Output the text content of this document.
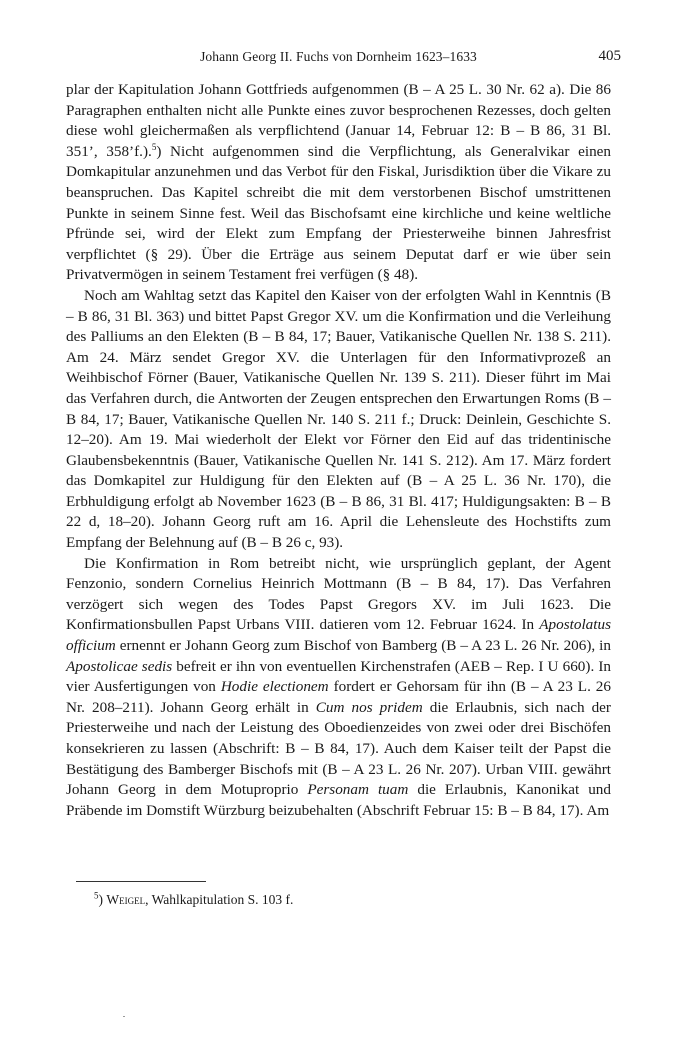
Johann Georg II. Fuchs von Dornheim 1623–1633	405

plar der Kapitulation Johann Gottfrieds aufgenommen (B – A 25 L. 30 Nr. 62 a). Die 86 Paragraphen enthalten nicht alle Punkte eines zuvor besprochenen Rezesses, doch gelten diese wohl gleichermaßen als verpflichtend (Januar 14, Februar 12: B – B 86, 31 Bl. 351’, 358’f.).$^5$) Nicht aufgenommen sind die Verpflichtung, als Generalvikar einen Domkapitular anzunehmen und das Verbot für den Fiskal, Jurisdiktion über die Vikare zu beanspruchen. Das Kapitel schreibt die mit dem verstorbenen Bischof umstrittenen Punkte in seinem Sinne fest. Weil das Bischofsamt eine kirchliche und keine weltliche Pfründe sei, wird der Elekt zum Empfang der Priesterweihe binnen Jahresfrist verpflichtet (§ 29). Über die Erträge aus seinem Deputat darf er wie über sein Privatvermögen in seinem Testament frei verfügen (§ 48).

Noch am Wahltag setzt das Kapitel den Kaiser von der erfolgten Wahl in Kenntnis (B – B 86, 31 Bl. 363) und bittet Papst Gregor XV. um die Konfirmation und die Verleihung des Palliums an den Elekten (B – B 84, 17; Bauer, Vatikanische Quellen Nr. 138 S. 211). Am 24. März sendet Gregor XV. die Unterlagen für den Informativprozeß an Weihbischof Förner (Bauer, Vatikanische Quellen Nr. 139 S. 211). Dieser führt im Mai das Verfahren durch, die Antworten der Zeugen entsprechen den Erwartungen Roms (B – B 84, 17; Bauer, Vatikanische Quellen Nr. 140 S. 211 f.; Druck: Deinlein, Geschichte S. 12–20). Am 19. Mai wiederholt der Elekt vor Förner den Eid auf das tridentinische Glaubensbekenntnis (Bauer, Vatikanische Quellen Nr. 141 S. 212). Am 17. März fordert das Domkapitel zur Huldigung für den Elekten auf (B – A 25 L. 36 Nr. 170), die Erbhuldigung erfolgt ab November 1623 (B – B 86, 31 Bl. 417; Huldigungsakten: B – B 22 d, 18–20). Johann Georg ruft am 16. April die Lehensleute des Hochstifts zum Empfang der Belehnung auf (B – B 26 c, 93).

Die Konfirmation in Rom betreibt nicht, wie ursprünglich geplant, der Agent Fenzonio, sondern Cornelius Heinrich Mottmann (B – B 84, 17). Das Verfahren verzögert sich wegen des Todes Papst Gregors XV. im Juli 1623. Die Konfirmationsbullen Papst Urbans VIII. datieren vom 12. Februar 1624. In Apostolatus officium ernennt er Johann Georg zum Bischof von Bamberg (B – A 23 L. 26 Nr. 206), in Apostolicae sedis befreit er ihn von eventuellen Kirchenstrafen (AEB – Rep. I U 660). In vier Ausfertigungen von Hodie electionem fordert er Gehorsam für ihn (B – A 23 L. 26 Nr. 208–211). Johann Georg erhält in Cum nos pridem die Erlaubnis, sich nach der Priesterweihe und nach der Leistung des Oboedienzeides von zwei oder drei Bischöfen konsekrieren zu lassen (Abschrift: B – B 84, 17). Auch dem Kaiser teilt der Papst die Bestätigung des Bamberger Bischofs mit (B – A 23 L. 26 Nr. 207). Urban VIII. gewährt Johann Georg in dem Motuproprio Personam tuam die Erlaubnis, Kanonikat und Präbende im Domstift Würzburg beizubehalten (Abschrift Februar 15: B – B 84, 17). Am

$^5$) Weigel, Wahlkapitulation S. 103 f.
